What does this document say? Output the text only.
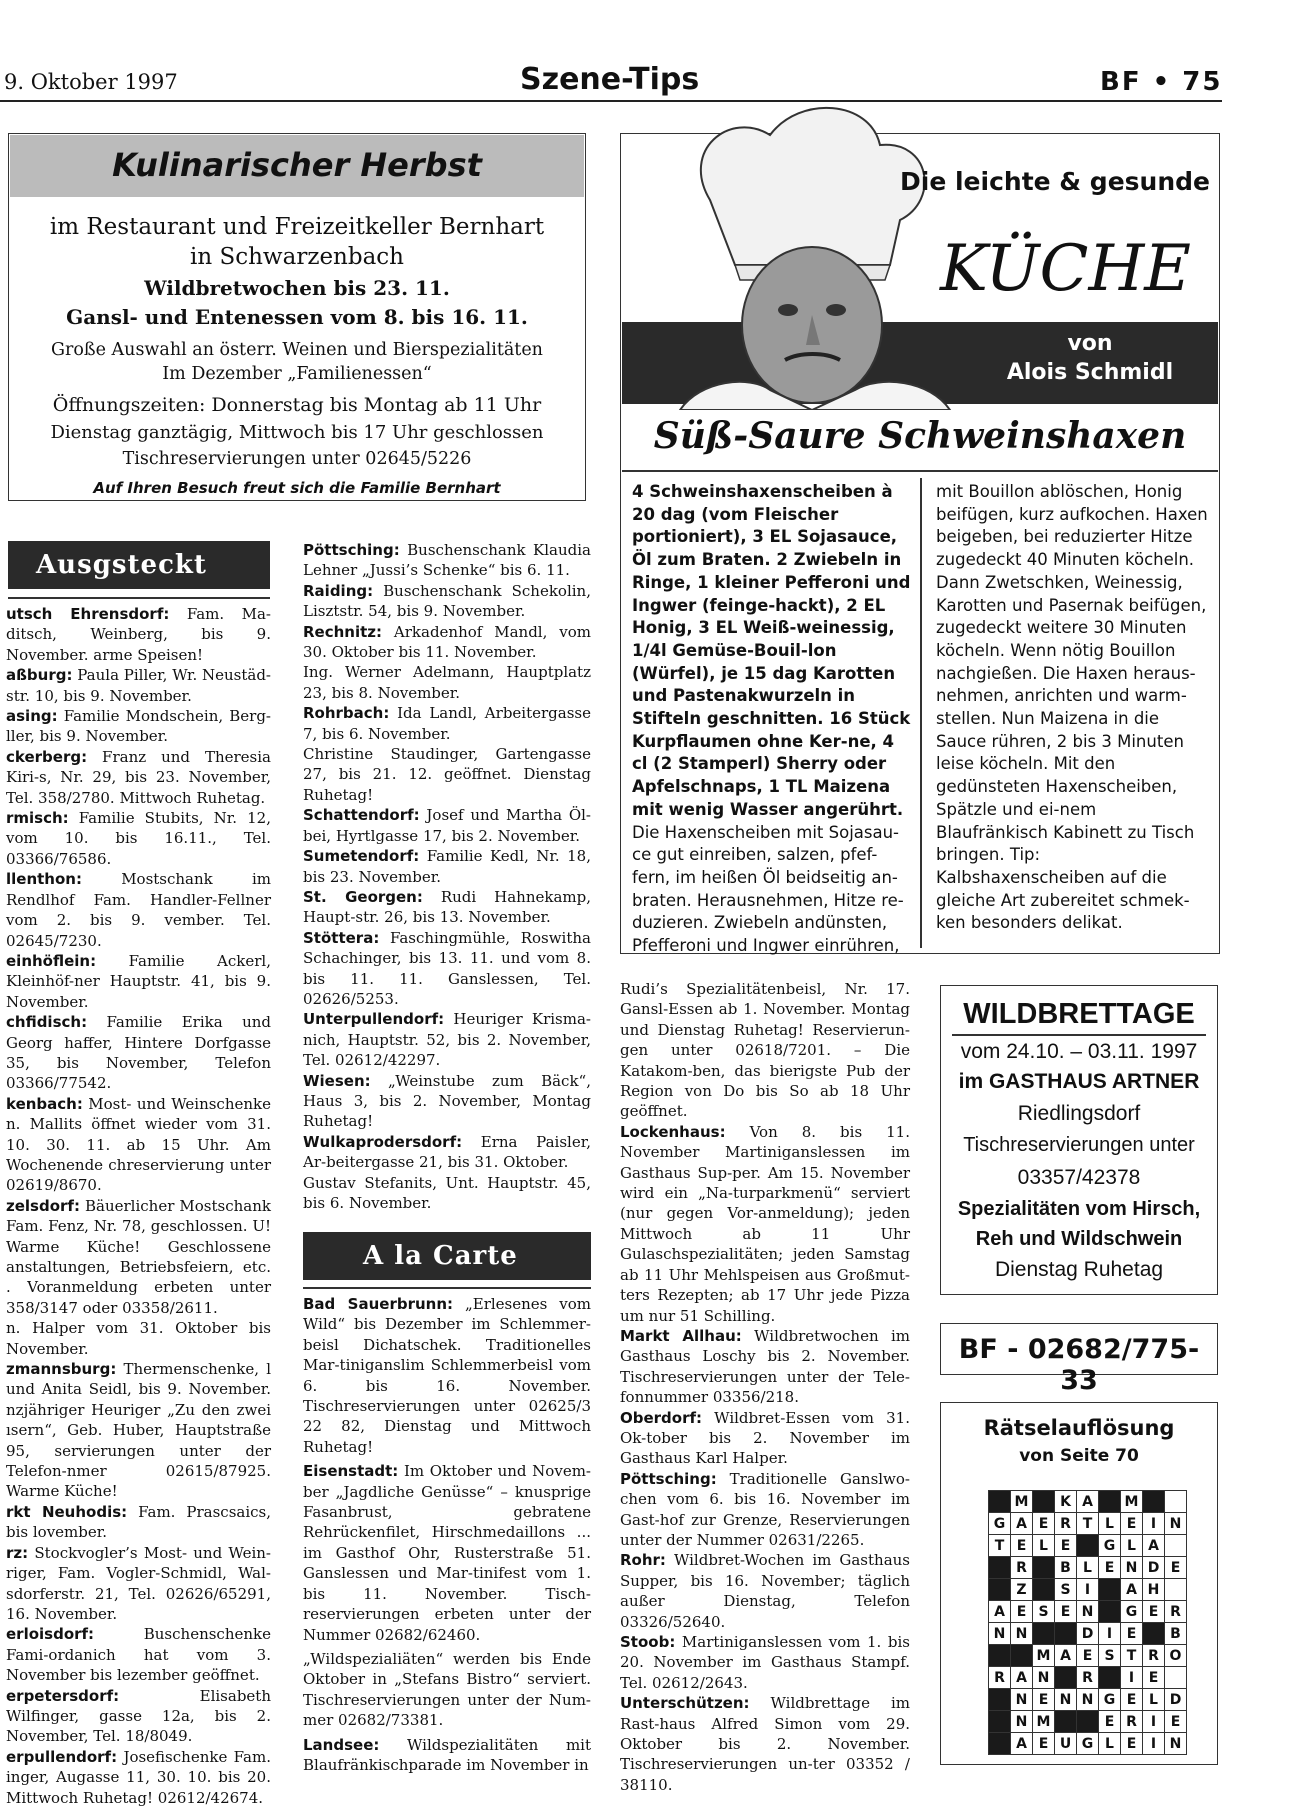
9. Oktober 1997	Szene-Tips	BF • 75
Kulinarischer Herbst
im Restaurant und Freizeitkeller Bernhart
in Schwarzenbach
Wildbretwochen bis 23. 11.
Gansl- und Entenessen vom 8. bis 16. 11.
Große Auswahl an österr. Weinen und Bierspezialitäten
Im Dezember „Familienessen“
Öffnungszeiten: Donnerstag bis Montag ab 11 Uhr
Dienstag ganztägig, Mittwoch bis 17 Uhr geschlossen
Tischreservierungen unter 02645/5226
Auf Ihren Besuch freut sich die Familie Bernhart
Ausgsteckt

utsch Ehrensdorf: Fam. Ma-ditsch, Weinberg, bis 9. November. arme Speisen!

aßburg: Paula Piller, Wr. Neustäd-str. 10, bis 9. November.

asing: Familie Mondschein, Berg-ller, bis 9. November.

ckerberg: Franz und Theresia Kiri-s, Nr. 29, bis 23. November, Tel. 358/2780. Mittwoch Ruhetag.

rmisch: Familie Stubits, Nr. 12, vom 10. bis 16.11., Tel. 03366/76586.

llenthon:	Mostschank im Rendlhof Fam. Handler-Fellner vom 2. bis 9. vember. Tel. 02645/7230.

einhöflein: Familie Ackerl, Kleinhöf-ner Hauptstr. 41, bis 9. November.

chfidisch: Familie Erika und Georg haffer, Hintere Dorfgasse 35, bis November, Telefon 03366/77542.

kenbach: Most- und Weinschenke n. Mallits öffnet wieder vom 31. 10. 30. 11. ab 15 Uhr. Am Wochenende chreservierung unter 02619/8670.

zelsdorf: Bäuerlicher Mostschank Fam. Fenz, Nr. 78, geschlossen. U! Warme Küche! Geschlossene anstaltungen, Betriebsfeiern, etc. . Voranmeldung erbeten unter 358/3147 oder 03358/2611.

n. Halper vom 31. Oktober bis November.

zmannsburg: Thermenschenke, l und Anita Seidl, bis 9. November. nzjähriger Heuriger „Zu den zwei ısern“, Geb. Huber, Hauptstraße 95, servierungen unter der Telefon-nmer 02615/87925. Warme Küche!

rkt Neuhodis: Fam. Prascsaics, bis lovember.

rz: Stockvogler’s Most- und Wein-riger, Fam. Vogler-Schmidl, Wal-sdorferstr. 21, Tel. 02626/65291, 16. November.

erloisdorf:	Buschenschenke Fami-ordanich hat vom 3. November bis lezember geöffnet.

erpetersdorf:	Elisabeth Wilfinger, gasse 12a, bis 2. November, Tel. 18/8049.

erpullendorf: Josefischenke Fam. inger, Augasse 11, 30. 10. bis 20. Mittwoch Ruhetag! 02612/42674.

Pöttsching: Buschenschank Klaudia Lehner „Jussi’s Schenke“ bis 6. 11.

Raiding: Buschenschank Schekolin, Lisztstr. 54, bis 9. November.

Rechnitz: Arkadenhof Mandl, vom 30. Oktober bis 11. November.

Ing. Werner Adelmann, Hauptplatz 23, bis 8. November.

Rohrbach: Ida Landl, Arbeitergasse 7, bis 6. November.

Christine Staudinger, Gartengasse 27, bis 21. 12. geöffnet. Dienstag Ruhetag!

Schattendorf: Josef und Martha Öl-bei, Hyrtlgasse 17, bis 2. November.

Sumetendorf: Familie Kedl, Nr. 18, bis 23. November.

St. Georgen: Rudi Hahnekamp, Haupt-str. 26, bis 13. November.

Stöttera: Faschingmühle, Roswitha Schachinger, bis 13. 11. und vom 8. bis 11. 11. Ganslessen, Tel. 02626/5253.

Unterpullendorf: Heuriger Krisma-nich, Hauptstr. 52, bis 2. November, Tel. 02612/42297.

Wiesen: „Weinstube zum Bäck“, Haus 3, bis 2. November, Montag Ruhetag!

Wulkaprodersdorf: Erna Paisler, Ar-beitergasse 21, bis 31. Oktober.

Gustav Stefanits, Unt. Hauptstr. 45, bis 6. November.

A la Carte

Bad Sauerbrunn: „Erlesenes vom Wild“ bis Dezember im Schlemmer-beisl Dichatschek. Traditionelles Mar-tiniganslim Schlemmerbeisl vom 6. bis 16. November. Tischreservierungen unter 02625/3 22 82, Dienstag und Mittwoch Ruhetag!

Eisenstadt: Im Oktober und Novem-ber „Jagdliche Genüsse“ – knusprige Fasanbrust, gebratene Rehrückenfilet, Hirschmedaillons ... im Gasthof Ohr, Rusterstraße 51. Ganslessen und Mar-tinifest vom 1. bis 11. November. Tisch-reservierungen erbeten unter der Nummer 02682/62460.

„Wildspezialiäten“ werden bis Ende Oktober in „Stefans Bistro“ serviert. Tischreservierungen unter der Num-mer 02682/73381.

Landsee: Wildspezialitäten mit Blaufränkischparade im November in

Rudi’s Spezialitätenbeisl, Nr. 17. Gansl-Essen ab 1. November. Montag und Dienstag Ruhetag! Reservierun-gen unter 02618/7201. – Die Katakom-ben, das bierigste Pub der Region von Do bis So ab 18 Uhr geöffnet.

Lockenhaus: Von 8. bis 11. November Martiniganslessen im Gasthaus Sup-per. Am 15. November wird ein „Na-turparkmenü“ serviert (nur gegen Vor-anmeldung); jeden Mittwoch ab 11 Uhr Gulaschspezialitäten; jeden Samstag ab 11 Uhr Mehlspeisen aus Großmut-ters Rezepten; ab 17 Uhr jede Pizza um nur 51 Schilling.

Markt Allhau: Wildbretwochen im Gasthaus Loschy bis 2. November. Tischreservierungen unter der Tele-fonnummer 03356/218.

Oberdorf: Wildbret-Essen vom 31. Ok-tober bis 2. November im Gasthaus Karl Halper.

Pöttsching: Traditionelle Ganslwo-chen vom 6. bis 16. November im Gast-hof zur Grenze, Reservierungen unter der Nummer 02631/2265.

Rohr: Wildbret-Wochen im Gasthaus Supper, bis 16. November; täglich außer Dienstag, Telefon 03326/52640.

Stoob: Martiniganslessen vom 1. bis 20. November im Gasthaus Stampf. Tel. 02612/2643.

Unterschützen: Wildbrettage im Rast-haus Alfred Simon vom 29. Oktober bis 2. November. Tischreservierungen un-ter 03352 / 38110.

Die leichte & gesunde
KÜCHE
von
Alois Schmidl
Süß-Saure Schweinshaxen

4 Schweinshaxenscheiben à 20 dag (vom Fleischer portioniert), 3 EL Sojasauce, Öl zum Braten. 2 Zwiebeln in Ringe, 1 kleiner Pefferoni und Ingwer (feinge-hackt), 2 EL Honig, 3 EL Weiß-weinessig, 1/4l Gemüse-Bouil-lon (Würfel), je 15 dag Karotten und Pastenakwurzeln in Stifteln geschnitten. 16 Stück Kurpflaumen ohne Ker-ne, 4 cl (2 Stamperl) Sherry oder Apfelschnaps, 1 TL Maizena mit wenig Wasser angerührt.

Die Haxenscheiben mit Sojasau-ce gut einreiben, salzen, pfef-fern, im heißen Öl beidseitig an-braten. Herausnehmen, Hitze re-duzieren. Zwiebeln andünsten, Pfefferoni und Ingwer einrühren,

mit Bouillon ablöschen, Honig beifügen, kurz aufkochen. Haxen beigeben, bei reduzierter Hitze zugedeckt 40 Minuten köcheln. Dann Zwetschken, Weinessig, Karotten und Pasernak beifügen, zugedeckt weitere 30 Minuten köcheln. Wenn nötig Bouillon nachgießen. Die Haxen heraus-nehmen, anrichten und warm-stellen. Nun Maizena in die Sauce rühren, 2 bis 3 Minuten leise köcheln. Mit den gedünsteten Haxenscheiben, Spätzle und ei-nem Blaufränkisch Kabinett zu Tisch bringen. Tip: Kalbshaxenscheiben auf die gleiche Art zubereitet schmek-ken besonders delikat.

WILDBRETTAGE
vom 24.10. – 03.11. 1997
im GASTHAUS ARTNER
Riedlingsdorf
Tischreservierungen unter
03357/42378
Spezialitäten vom Hirsch,
Reh und Wildschwein
Dienstag Ruhetag
BF - 02682/775-33
Rätselauflösung
von Seite 70
	M		K	A		M		
G	A	E	R	T	L	E	I	N
T	E	L	E		G	L	A	
	R		B	L	E	N	D	E
	Z		S	I		A	H	
A	E	S	E	N		G	E	R
N	N			D	I	E		B
		M	A	E	S	T	R	O
R	A	N		R		I	E	
	N	E	N	N	G	E	L	D
	N	M			E	R	I	E
	A	E	U	G	L	E	I	N
